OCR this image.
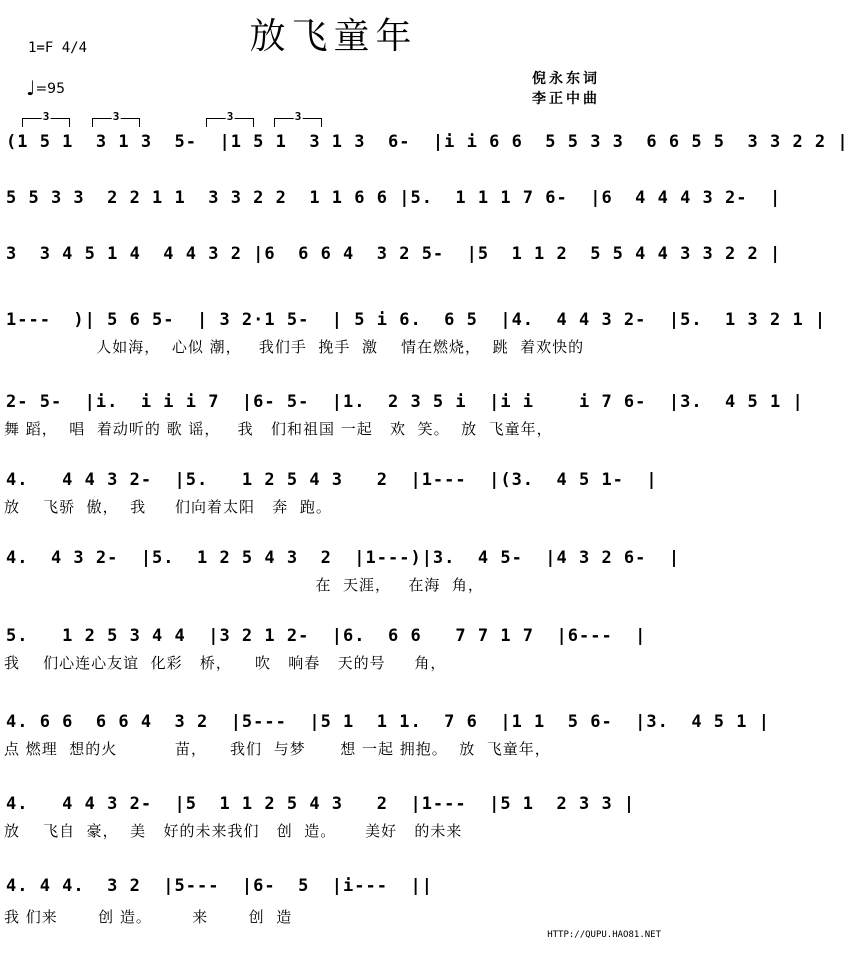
放飞童年
1=F 4/4
♩=95
倪永东词
李正中曲
3	3	3	3
(1 5 1  3 1 3  5-  |1 5 1  3 1 3  6-  |i i 6 6  5 5 3 3  6 6 5 5  3 3 2 2 |
5 5 3 3  2 2 1 1  3 3 2 2  1 1 6 6 |5.  1 1 1 7 6-  |6  4 4 4 3 2-  |
3  3 4 5 1 4  4 4 3 2 |6  6 6 4  3 2 5-  |5  1 1 2  5 5 4 4 3 3 2 2 |
1---  )| 5 6 5-  | 3 2·1 5-  | 5 i 6.  6 5  |4.  4 4 3 2-  |5.  1 3 2 1 |
人如海，  心似 潮，   我们手  挽手  激    情在燃烧，  跳  着欢快的
2- 5-  |i.  i i i 7  |6- 5-  |1.  2 3 5 i  |i i    i 7 6-  |3.  4 5 1 |
舞 蹈，  唱  着动听的 歌 谣，   我   们和祖国 一起   欢  笑。  放  飞童年，
4.   4 4 3 2-  |5.   1 2 5 4 3   2  |1---  |(3.  4 5 1-  |
放    飞骄  傲，  我     们向着太阳   奔  跑。
4.  4 3 2-  |5.  1 2 5 4 3  2  |1---)|3.  4 5-  |4 3 2 6-  |
在  天涯，   在海  角，
5.   1 2 5 3 4 4  |3 2 1 2-  |6.  6 6   7 7 1 7  |6---  |
我    们心连心友谊  化彩   桥，    吹   响春   天的号     角，
4. 6 6  6 6 4  3 2  |5---  |5 1  1 1.  7 6  |1 1  5 6-  |3.  4 5 1 |
点 燃理  想的火          苗，    我们  与梦      想 一起 拥抱。  放  飞童年，
4.   4 4 3 2-  |5  1 1 2 5 4 3   2  |1---  |5 1  2 3 3 |
放    飞自  豪，  美   好的未来我们   创  造。     美好   的未来
4. 4 4.  3 2  |5---  |6-  5  |i---  ||
我 们来       创 造。       来       创  造
HTTP://QUPU.HAO81.NET
